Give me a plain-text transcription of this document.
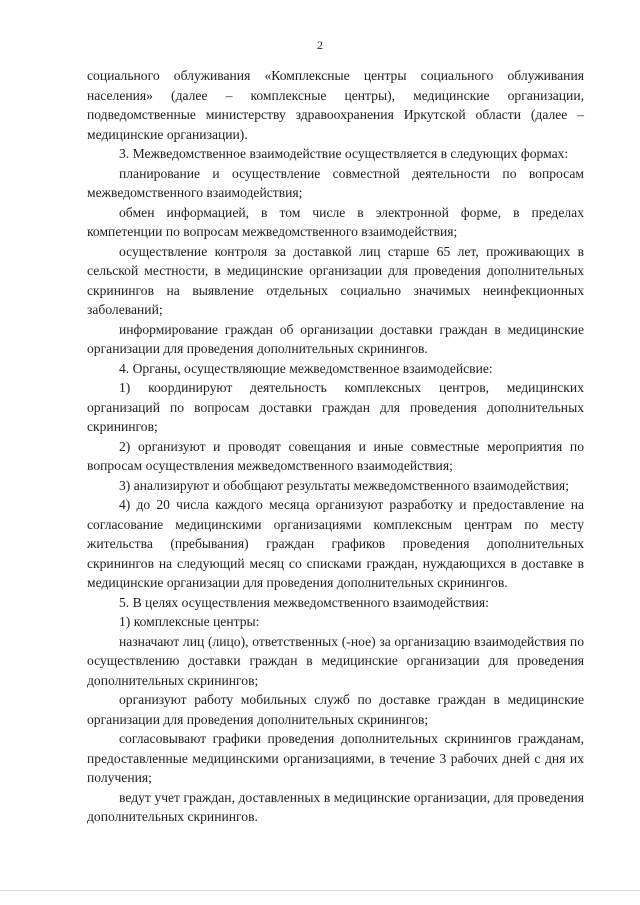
2

социального облуживания «Комплексные центры социального облуживания населения» (далее – комплексные центры), медицинские организации, подведомственные министерству здравоохранения Иркутской области (далее – медицинские организации).

3. Межведомственное взаимодействие осуществляется в следующих формах:

планирование и осуществление совместной деятельности по вопросам межведомственного взаимодействия;

обмен информацией, в том числе в электронной форме, в пределах компетенции по вопросам межведомственного взаимодействия;

осуществление контроля за доставкой лиц старше 65 лет, проживающих в сельской местности, в медицинские организации для проведения дополнительных скринингов на выявление отдельных социально значимых неинфекционных заболеваний;

информирование граждан об организации доставки граждан в медицинские организации для проведения дополнительных скринингов.

4. Органы, осуществляющие межведомственное взаимодейсвие:

1) координируют деятельность комплексных центров, медицинских организаций по вопросам доставки граждан для проведения дополнительных скринингов;

2) организуют и проводят совещания и иные совместные мероприятия по вопросам осуществления межведомственного взаимодействия;

3) анализируют и обобщают результаты межведомственного взаимодействия;

4) до 20 числа каждого месяца организуют разработку и предоставление на согласование медицинскими организациями комплексным центрам по месту жительства (пребывания) граждан графиков проведения дополнительных скринингов на следующий месяц со списками граждан, нуждающихся в доставке в медицинские организации для проведения дополнительных скринингов.

5. В целях осуществления межведомственного взаимодействия:

1) комплексные центры:

назначают лиц (лицо), ответственных (-ное) за организацию взаимодействия по осуществлению доставки граждан в медицинские организации для проведения дополнительных скринингов;

организуют работу мобильных служб по доставке граждан в медицинские организации для проведения дополнительных скринингов;

согласовывают графики проведения дополнительных скринингов гражданам, предоставленные медицинскими организациями, в течение 3 рабочих дней с дня их получения;

ведут учет граждан, доставленных в медицинские организации, для проведения дополнительных скринингов.
